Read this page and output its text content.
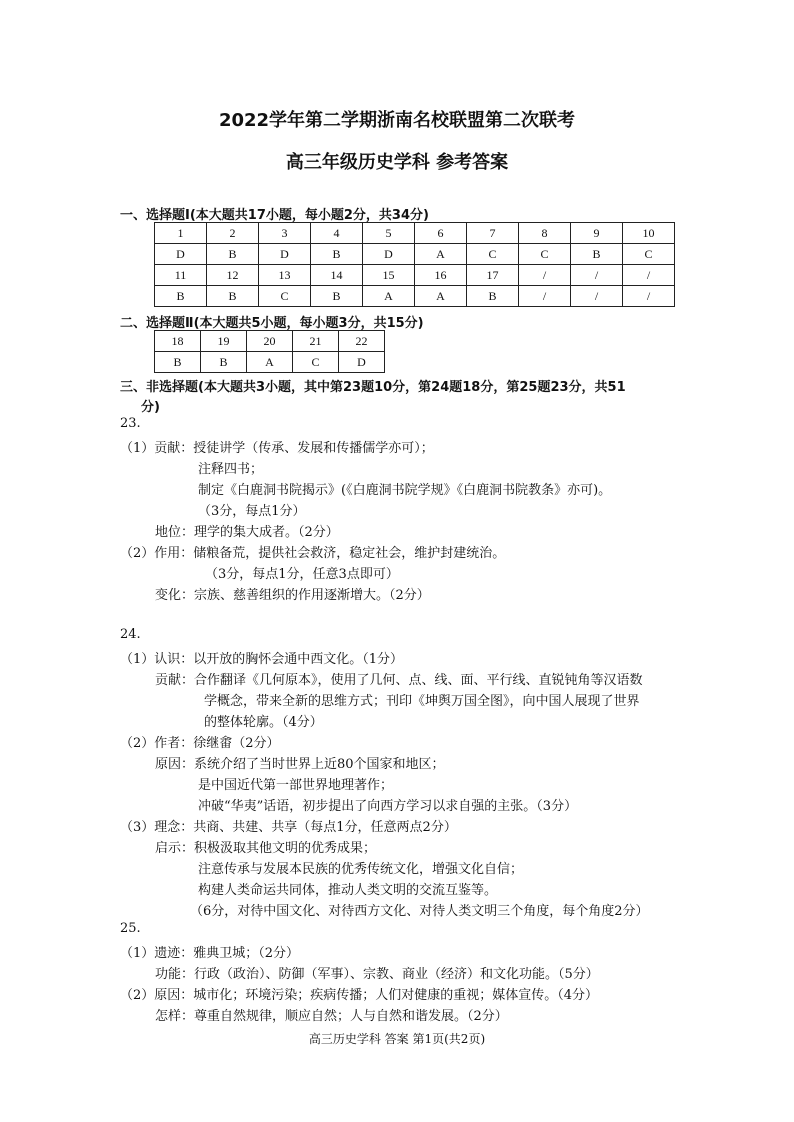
2022学年第二学期浙南名校联盟第二次联考
高三年级历史学科 参考答案
一、选择题Ⅰ(本大题共17小题，每小题2分，共34分)
1	2	3	4	5	6	7	8	9	10
D	B	D	B	D	A	C	C	B	C
11	12	13	14	15	16	17	/	/	/
B	B	C	B	A	A	B	/	/	/
二、选择题Ⅱ(本大题共5小题，每小题3分，共15分)
18	19	20	21	22
B	B	A	C	D
三、非选择题(本大题共3小题，其中第23题10分，第24题18分，第25题23分，共51
分)
23.
（1）贡献：授徒讲学（传承、发展和传播儒学亦可）；
注释四书；
制定《白鹿洞书院揭示》(《白鹿洞书院学规》《白鹿洞书院教条》亦可)。
（3分，每点1分）
地位：理学的集大成者。（2分）
（2）作用：储粮备荒，提供社会救济，稳定社会，维护封建统治。
（3分，每点1分，任意3点即可）
变化：宗族、慈善组织的作用逐渐增大。（2分）
24.
（1）认识：以开放的胸怀会通中西文化。（1分）
贡献：合作翻译《几何原本》，使用了几何、点、线、面、平行线、直锐钝角等汉语数
学概念，带来全新的思维方式；刊印《坤舆万国全图》，向中国人展现了世界
的整体轮廓。（4分）
（2）作者：徐继畬（2分）
原因：系统介绍了当时世界上近80个国家和地区；
是中国近代第一部世界地理著作；
冲破“华夷”话语，初步提出了向西方学习以求自强的主张。（3分）
（3）理念：共商、共建、共享（每点1分，任意两点2分）
启示：积极汲取其他文明的优秀成果；
注意传承与发展本民族的优秀传统文化，增强文化自信；
构建人类命运共同体，推动人类文明的交流互鉴等。
（6分，对待中国文化、对待西方文化、对待人类文明三个角度，每个角度2分）
25.
（1）遗迹：雅典卫城；（2分）
功能：行政（政治）、防御（军事）、宗教、商业（经济）和文化功能。（5分）
（2）原因：城市化；环境污染；疾病传播；人们对健康的重视；媒体宣传。（4分）
怎样：尊重自然规律，顺应自然；人与自然和谐发展。（2分）
高三历史学科 答案 第1页(共2页)
